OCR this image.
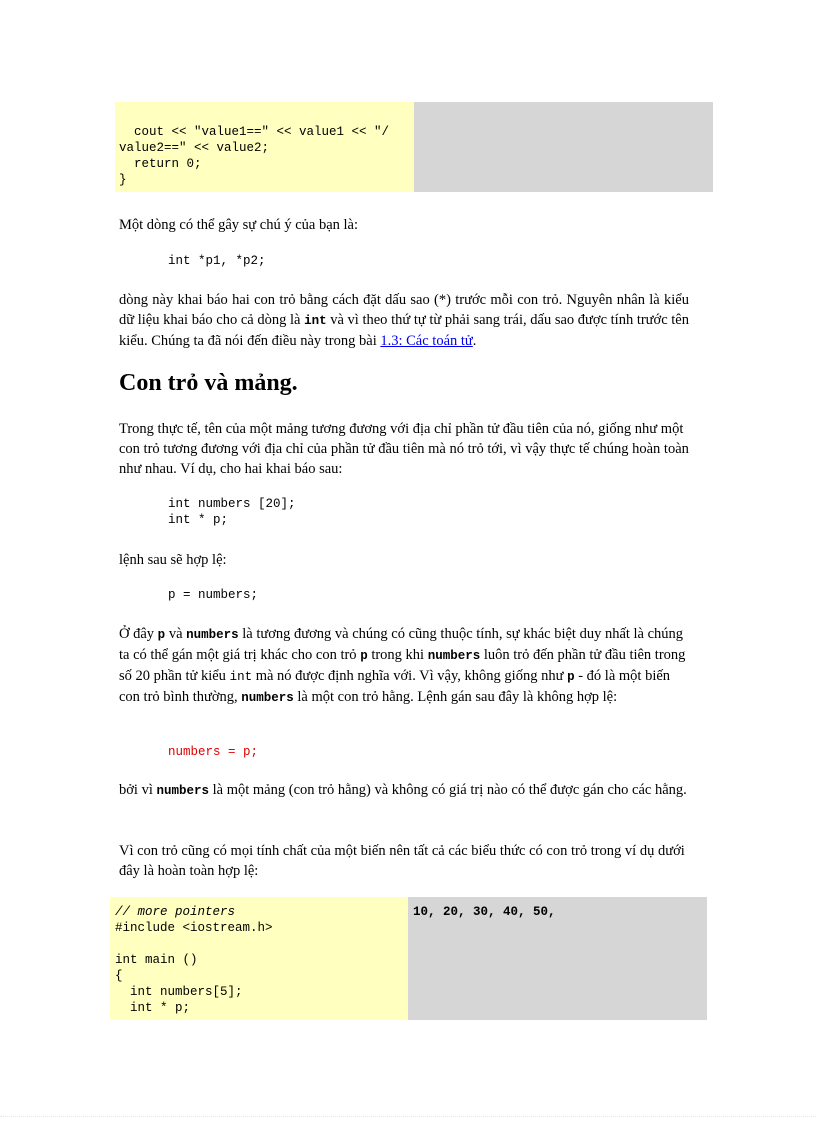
cout << "value1==" << value1 << "/
value2==" << value2;
return 0;
}
Một dòng có thể gây sự chú ý của bạn là:
int *p1, *p2;
dòng này khai báo hai con trỏ bằng cách đặt dấu sao (*) trước mỗi con trỏ. Nguyên nhân là kiểu dữ liệu khai báo cho cả dòng là int và vì theo thứ tự từ phải sang trái, dấu sao được tính trước tên kiểu. Chúng ta đã nói đến điều này trong bài 1.3: Các toán tử.
Con trỏ và mảng.
Trong thực tế, tên của một mảng tương đương với địa chỉ phần tử đầu tiên của nó, giống như một con trỏ tương đương với địa chỉ của phần tử đầu tiên mà nó trỏ tới, vì vậy thực tế chúng hoàn toàn như nhau. Ví dụ, cho hai khai báo sau:
int numbers [20];
int * p;
lệnh sau sẽ hợp lệ:
p = numbers;
Ở đây p và numbers là tương đương và chúng có cũng thuộc tính, sự khác biệt duy nhất là chúng ta có thể gán một giá trị khác cho con trỏ p trong khi numbers luôn trỏ đến phần tử đầu tiên trong số 20 phần tử kiểu int mà nó được định nghĩa với. Vì vậy, không giống như p - đó là một biến con trỏ bình thường, numbers là một con trỏ hằng. Lệnh gán sau đây là không hợp lệ:
numbers = p;
bởi vì numbers là một mảng (con trỏ hằng) và không có giá trị nào có thể được gán cho các hằng.
Vì con trỏ cũng có mọi tính chất của một biến nên tất cả các biểu thức có con trỏ trong ví dụ dưới đây là hoàn toàn hợp lệ:
// more pointers
#include <iostream.h>

int main ()
{
int numbers[5];
int * p;
10, 20, 30, 40, 50,
